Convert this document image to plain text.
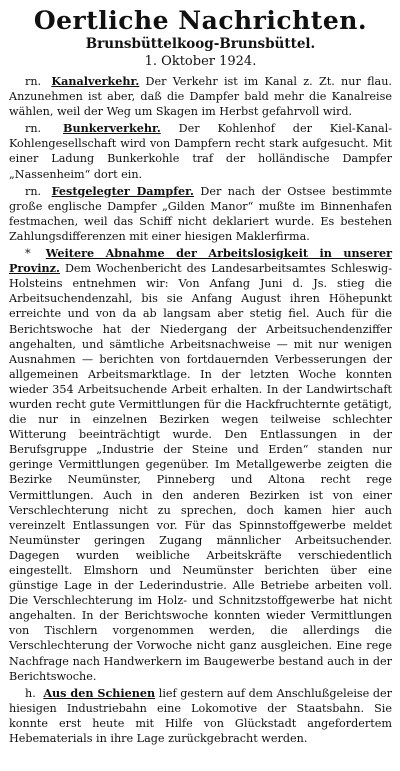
Oertliche Nachrichten.

Brunsbüttelkoog-Brunsbüttel.

1. Oktober 1924.

rn. Kanalverkehr. Der Verkehr ist im Kanal z. Zt. nur flau. Anzunehmen ist aber, daß die Dampfer bald mehr die Kanalreise wählen, weil der Weg um Skagen im Herbst gefahrvoll wird.

rn. Bunkerverkehr. Der Kohlenhof der Kiel-Kanal-Kohlengesellschaft wird von Dampfern recht stark aufgesucht. Mit einer Ladung Bunkerkohle traf der holländische Dampfer „Nassenheim“ dort ein.

rn. Festgelegter Dampfer. Der nach der Ostsee bestimmte große englische Dampfer „Gilden Manor“ mußte im Binnenhafen festmachen, weil das Schiff nicht deklariert wurde. Es bestehen Zahlungsdifferenzen mit einer hiesigen Maklerfirma.

* Weitere Abnahme der Arbeitslosigkeit in unserer Provinz. Dem Wochenbericht des Landesarbeitsamtes Schleswig-Holsteins entnehmen wir: Von Anfang Juni d. Js. stieg die Arbeitsuchendenzahl, bis sie Anfang August ihren Höhepunkt erreichte und von da ab langsam aber stetig fiel. Auch für die Berichtswoche hat der Niedergang der Arbeitsuchendenziffer angehalten, und sämtliche Arbeitsnachweise — mit nur wenigen Ausnahmen — berichten von fortdauernden Verbesserungen der allgemeinen Arbeitsmarktlage. In der letzten Woche konnten wieder 354 Arbeitsuchende Arbeit erhalten. In der Landwirtschaft wurden recht gute Vermittlungen für die Hackfruchternte getätigt, die nur in einzelnen Bezirken wegen teilweise schlechter Witterung beeinträchtigt wurde. Den Entlassungen in der Berufsgruppe „Industrie der Steine und Erden“ standen nur geringe Vermittlungen gegenüber. Im Metallgewerbe zeigten die Bezirke Neumünster, Pinneberg und Altona recht rege Vermittlungen. Auch in den anderen Bezirken ist von einer Verschlechterung nicht zu sprechen, doch kamen hier auch vereinzelt Entlassungen vor. Für das Spinnstoffgewerbe meldet Neumünster geringen Zugang männlicher Arbeitsuchender. Dagegen wurden weibliche Arbeitskräfte verschiedentlich eingestellt. Elmshorn und Neumünster berichten über eine günstige Lage in der Lederindustrie. Alle Betriebe arbeiten voll. Die Verschlechterung im Holz- und Schnitzstoffgewerbe hat nicht angehalten. In der Berichtswoche konnten wieder Vermittlungen von Tischlern vorgenommen werden, die allerdings die Verschlechterung der Vorwoche nicht ganz ausgleichen. Eine rege Nachfrage nach Handwerkern im Baugewerbe bestand auch in der Berichtswoche.

h. Aus den Schienen lief gestern auf dem Anschlußgeleise der hiesigen Industriebahn eine Lokomotive der Staatsbahn. Sie konnte erst heute mit Hilfe von Glückstadt angefordertem Hebematerials in ihre Lage zurückgebracht werden.
